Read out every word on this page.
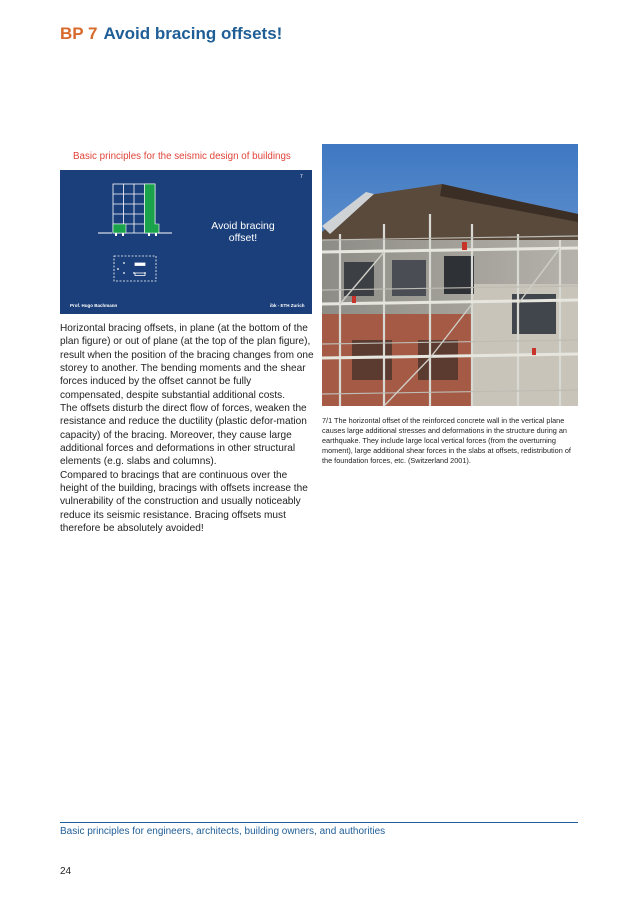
BP 7 Avoid bracing offsets!
Basic principles for the seismic design of buildings
7
Avoid bracing
offset!
Prof. Hugo Bachmann	ibk - ETH Zurich

Horizontal bracing offsets, in plane (at the bottom of the plan figure) or out of plane (at the top of the plan figure), result when the position of the bracing changes from one storey to another. The bending moments and the shear forces induced by the offset cannot be fully compensated, despite substantial additional costs.

The offsets disturb the direct flow of forces, weaken the resistance and reduce the ductility (plastic defor-mation capacity) of the bracing. Moreover, they cause large additional forces and deformations in other structural elements (e.g. slabs and columns).

Compared to bracings that are continuous over the height of the building, bracings with offsets increase the vulnerability of the construction and usually noticeably reduce its seismic resistance. Bracing offsets must therefore be absolutely avoided!

7/1 The horizontal offset of the reinforced concrete wall in the vertical plane causes large additional stresses and deformations in the structure during an earthquake. They include large local vertical forces (from the overturning moment), large additional shear forces in the slabs at offsets, redistribution of the foundation forces, etc. (Switzerland 2001).
Basic principles for engineers, architects, building owners, and authorities
24
